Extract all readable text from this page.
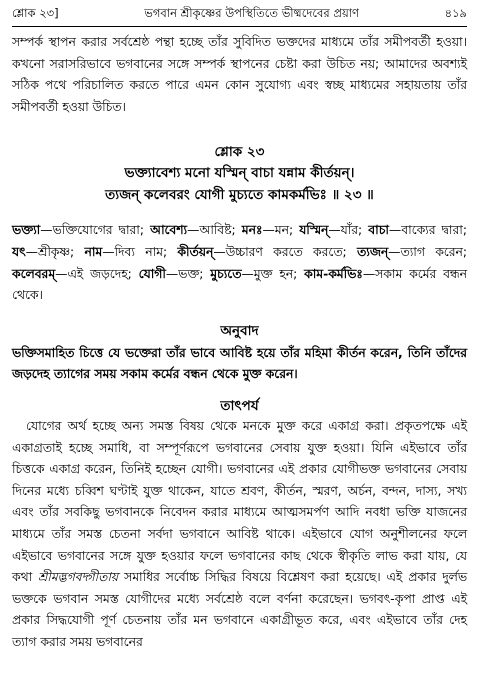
শ্লোক ২৩]	ভগবান শ্রীকৃষ্ণের উপস্থিতিতে ভীষ্মদেবের প্রয়াণ	৪১৯

সম্পর্ক স্থাপন করার সর্বশ্রেষ্ঠ পন্থা হচ্ছে তাঁর সুবিদিত ভক্তদের মাধ্যমে তাঁর সমীপবর্তী হওয়া। কখনো সরাসরিভাবে ভগবানের সঙ্গে সম্পর্ক স্থাপনের চেষ্টা করা উচিত নয়; আমাদের অবশ্যই সঠিক পথে পরিচালিত করতে পারে এমন কোন সুযোগ্য এবং স্বচ্ছ মাধ্যমের সহায়তায় তাঁর সমীপবর্তী হওয়া উচিত।

শ্লোক ২৩
ভক্ত্যাবেশ্য মনো যস্মিন্ বাচা যন্নাম কীর্তয়ন্।
ত্যজন্ কলেবরং যোগী মুচ্যতে কামকর্মভিঃ ॥ ২৩ ॥

ভক্ত্যা—ভক্তিযোগের দ্বারা; আবেশ্য—আবিষ্ট; মনঃ—মন; যস্মিন্—যাঁর; বাচা—বাক্যের দ্বারা; যৎ—শ্রীকৃষ্ণ; নাম—দিব্য নাম; কীর্তয়ন্—উচ্চারণ করতে করতে; ত্যজন্—ত্যাগ করেন; কলেবরম্—এই জড়দেহ; যোগী—ভক্ত; মুচ্যতে—মুক্ত হন; কাম-কর্মভিঃ—সকাম কর্মের বন্ধন থেকে।

অনুবাদ

ভক্তিসমাহিত চিত্তে যে ভক্তেরা তাঁর ভাবে আবিষ্ট হয়ে তাঁর মহিমা কীর্তন করেন, তিনি তাঁদের জড়দেহ ত্যাগের সময় সকাম কর্মের বন্ধন থেকে মুক্ত করেন।

তাৎপর্য

যোগের অর্থ হচ্ছে অন্য সমস্ত বিষয় থেকে মনকে মুক্ত করে একাগ্র করা। প্রকৃতপক্ষে এই একাগ্রতাই হচ্ছে সমাধি, বা সম্পূর্ণরূপে ভগবানের সেবায় যুক্ত হওয়া। যিনি এইভাবে তাঁর চিত্তকে একাগ্র করেন, তিনিই হচ্ছেন যোগী। ভগবানের এই প্রকার যোগীভক্ত ভগবানের সেবায় দিনের মধ্যে চব্বিশ ঘণ্টাই যুক্ত থাকেন, যাতে শ্রবণ, কীর্তন, স্মরণ, অর্চন, বন্দন, দাস্য, সখ্য এবং তাঁর সবকিছু ভগবানকে নিবেদন করার মাধ্যমে আত্মসমর্পণ আদি নবধা ভক্তি যাজনের মাধ্যমে তাঁর সমস্ত চেতনা সর্বদা ভগবানে আবিষ্ট থাকে। এইভাবে যোগ অনুশীলনের ফলে এইভাবে ভগবানের সঙ্গে যুক্ত হওয়ার ফলে ভগবানের কাছ থেকে স্বীকৃতি লাভ করা যায়, যে কথা শ্রীমদ্ভগবদ্গীতায় সমাধির সর্বোচ্চ সিদ্ধির বিষয়ে বিশ্লেষণ করা হয়েছে। এই প্রকার দুর্লভ ভক্তকে ভগবান সমস্ত যোগীদের মধ্যে সর্বশ্রেষ্ঠ বলে বর্ণনা করেছেন। ভগবৎ-কৃপা প্রাপ্ত এই প্রকার সিদ্ধযোগী পূর্ণ চেতনায় তাঁর মন ভগবানে একাগ্রীভূত করে, এবং এইভাবে তাঁর দেহ ত্যাগ করার সময় ভগবানের
